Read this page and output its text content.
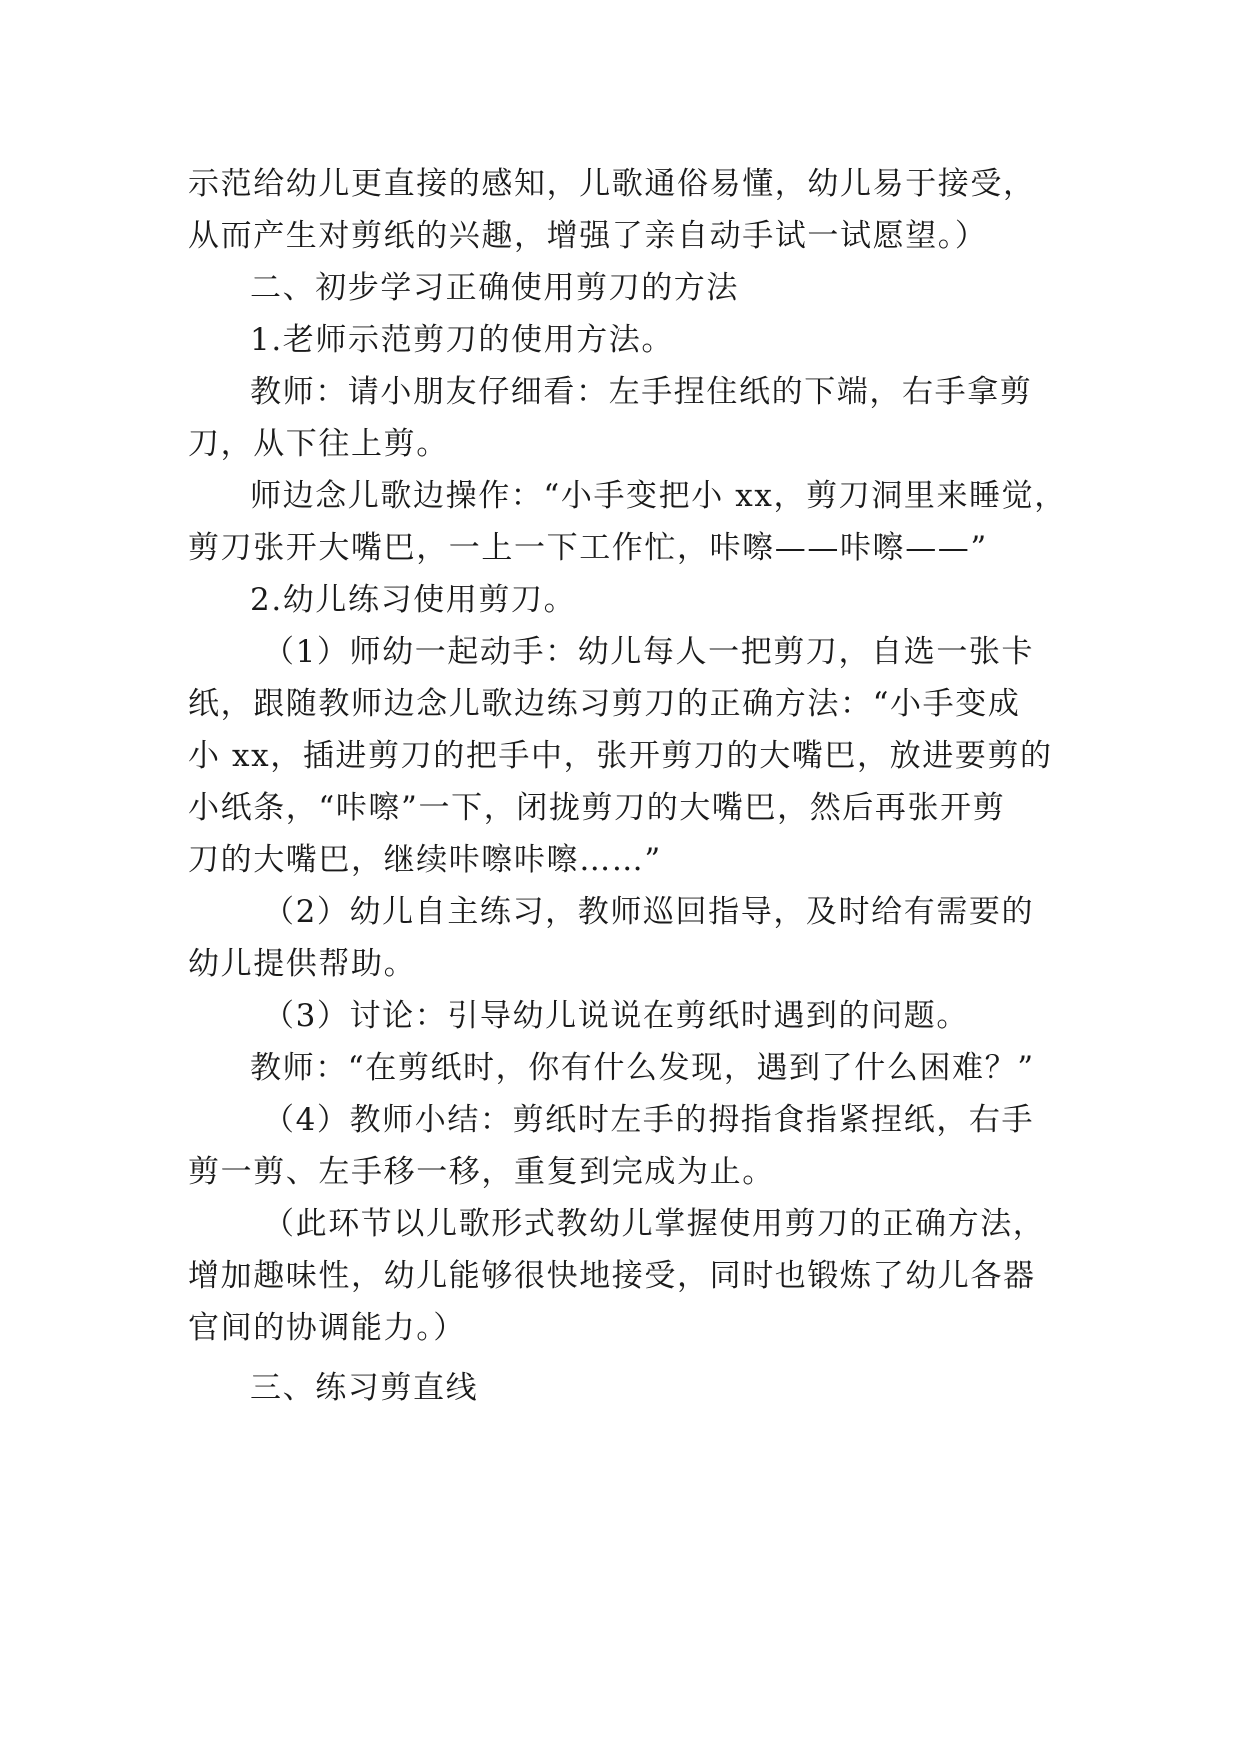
示范给幼儿更直接的感知，儿歌通俗易懂，幼儿易于接受，
从而产生对剪纸的兴趣，增强了亲自动手试一试愿望。）
二、初步学习正确使用剪刀的方法
1.老师示范剪刀的使用方法。
教师：请小朋友仔细看：左手捏住纸的下端，右手拿剪
刀，从下往上剪。
师边念儿歌边操作：“小手变把小 xx，剪刀洞里来睡觉，
剪刀张开大嘴巴，一上一下工作忙，咔嚓——咔嚓——”
2.幼儿练习使用剪刀。
（1）师幼一起动手：幼儿每人一把剪刀，自选一张卡
纸，跟随教师边念儿歌边练习剪刀的正确方法：“小手变成
小 xx，插进剪刀的把手中，张开剪刀的大嘴巴，放进要剪的
小纸条，“咔嚓”一下，闭拢剪刀的大嘴巴，然后再张开剪
刀的大嘴巴，继续咔嚓咔嚓……”
（2）幼儿自主练习，教师巡回指导，及时给有需要的
幼儿提供帮助。
（3）讨论：引导幼儿说说在剪纸时遇到的问题。
教师：“在剪纸时，你有什么发现，遇到了什么困难？”
（4）教师小结：剪纸时左手的拇指食指紧捏纸，右手
剪一剪、左手移一移，重复到完成为止。
（此环节以儿歌形式教幼儿掌握使用剪刀的正确方法，
增加趣味性，幼儿能够很快地接受，同时也锻炼了幼儿各器
官间的协调能力。）
三、练习剪直线
